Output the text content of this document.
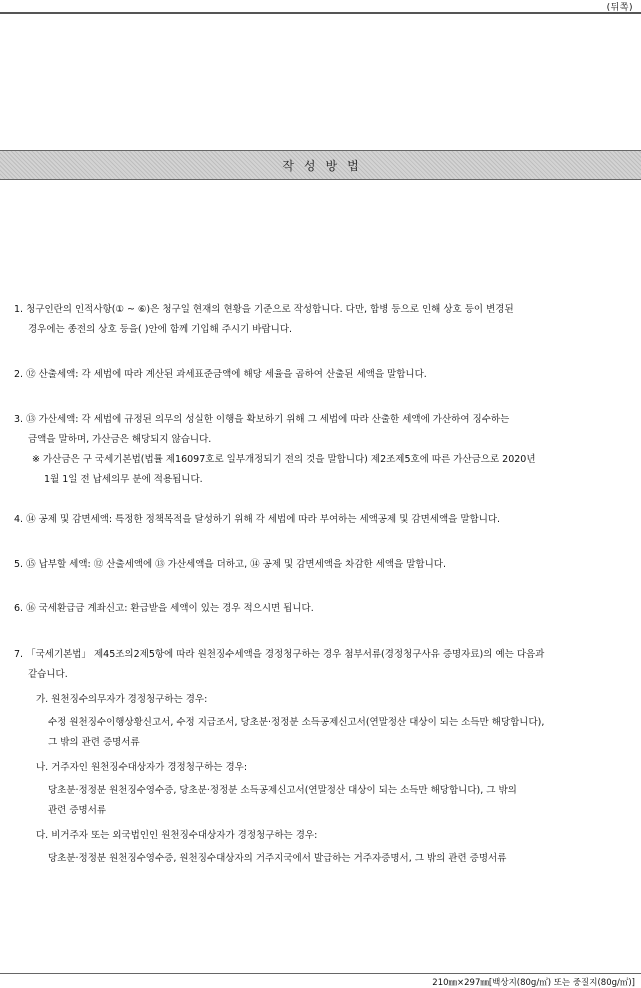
(뒤쪽)
작성방법
1. 청구인란의 인적사항(① ~ ⑥)은 청구일 현재의 현황을 기준으로 작성합니다. 다만, 합병 등으로 인해 상호 등이 변경된
경우에는 종전의 상호 등을( )안에 함께 기입해 주시기 바랍니다.
2. ⑫ 산출세액: 각 세법에 따라 계산된 과세표준금액에 해당 세율을 곱하여 산출된 세액을 말합니다.
3. ⑬ 가산세액: 각 세법에 규정된 의무의 성실한 이행을 확보하기 위해 그 세법에 따라 산출한 세액에 가산하여 징수하는
금액을 말하며, 가산금은 해당되지 않습니다.
※ 가산금은 구 국세기본법(법률 제16097호로 일부개정되기 전의 것을 말합니다) 제2조제5호에 따른 가산금으로 2020년
1월 1일 전 납세의무 분에 적용됩니다.
4. ⑭ 공제 및 감면세액: 특정한 정책목적을 달성하기 위해 각 세법에 따라 부여하는 세액공제 및 감면세액을 말합니다.
5. ⑮ 납부할 세액: ⑫ 산출세액에 ⑬ 가산세액을 더하고, ⑭ 공제 및 감면세액을 차감한 세액을 말합니다.
6. ⑯ 국세환급금 계좌신고: 환급받을 세액이 있는 경우 적으시면 됩니다.
7. 「국세기본법」 제45조의2제5항에 따라 원천징수세액을 경정청구하는 경우 첨부서류(경정청구사유 증명자료)의 예는 다음과
같습니다.
가. 원천징수의무자가 경정청구하는 경우:
수정 원천징수이행상황신고서, 수정 지급조서, 당초분·정정분 소득공제신고서(연말정산 대상이 되는 소득만 해당합니다),
그 밖의 관련 증명서류
나. 거주자인 원천징수대상자가 경정청구하는 경우:
당초분·정정분 원천징수영수증, 당초분·정정분 소득공제신고서(연말정산 대상이 되는 소득만 해당합니다), 그 밖의
관련 증명서류
다. 비거주자 또는 외국법인인 원천징수대상자가 경정청구하는 경우:
당초분·정정분 원천징수영수증, 원천징수대상자의 거주지국에서 발급하는 거주자증명서, 그 밖의 관련 증명서류
210㎜×297㎜[백상지(80g/㎡) 또는 중질지(80g/㎡)]
